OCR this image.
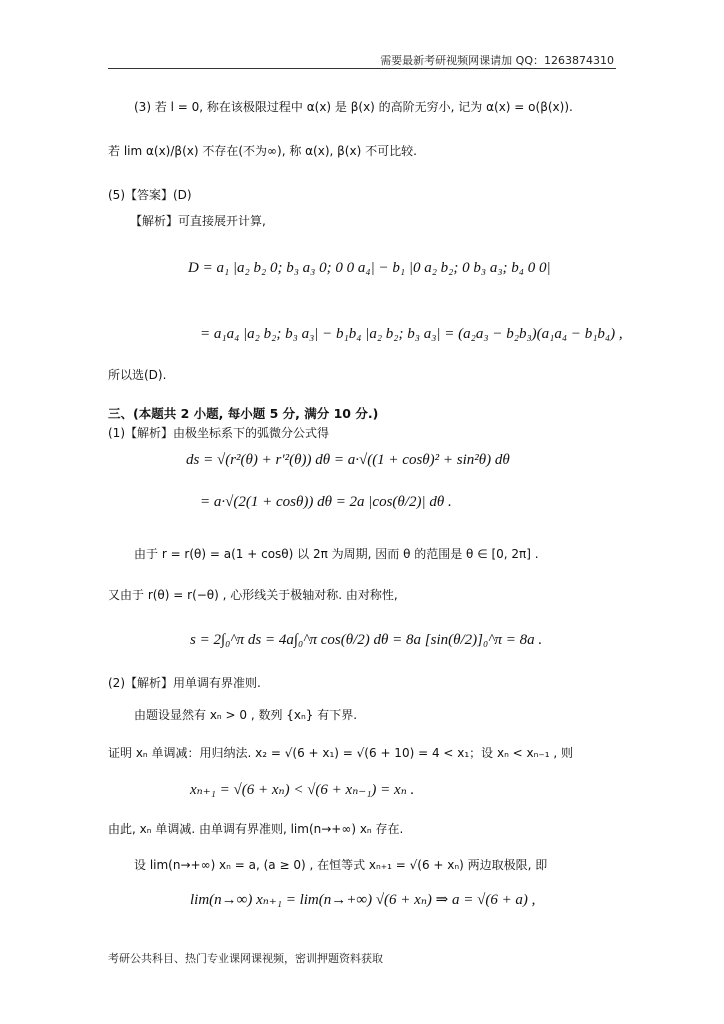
需要最新考研视频网课请加 QQ：1263874310
(3) 若 l = 0, 称在该极限过程中 α(x) 是 β(x) 的高阶无穷小, 记为 α(x) = o(β(x)).
若 lim α(x)/β(x) 不存在(不为∞), 称 α(x), β(x) 不可比较.
(5)【答案】(D)
【解析】可直接展开计算,
D = a₁ |a₂ b₂ 0; b₃ a₃ 0; 0 0 a₄| − b₁ |0 a₂ b₂; 0 b₃ a₃; b₄ 0 0|
= a₁a₄ |a₂ b₂; b₃ a₃| − b₁b₄ |a₂ b₂; b₃ a₃| = (a₂a₃ − b₂b₃)(a₁a₄ − b₁b₄) ,
所以选(D).
三、(本题共 2 小题, 每小题 5 分, 满分 10 分.)
(1)【解析】由极坐标系下的弧微分公式得
ds = √(r²(θ) + r′²(θ)) dθ = a·√((1 + cosθ)² + sin²θ) dθ
= a·√(2(1 + cosθ)) dθ = 2a |cos(θ/2)| dθ .
由于 r = r(θ) = a(1 + cosθ) 以 2π 为周期, 因而 θ 的范围是 θ ∈ [0, 2π] .
又由于 r(θ) = r(−θ) , 心形线关于极轴对称. 由对称性,
s = 2∫₀^π ds = 4a∫₀^π cos(θ/2) dθ = 8a [sin(θ/2)]₀^π = 8a .
(2)【解析】用单调有界准则.
由题设显然有 xₙ > 0 , 数列 {xₙ} 有下界.
证明 xₙ 单调减：用归纳法. x₂ = √(6 + x₁) = √(6 + 10) = 4 < x₁；设 xₙ < xₙ₋₁ , 则
xₙ₊₁ = √(6 + xₙ) < √(6 + xₙ₋₁) = xₙ .
由此, xₙ 单调减. 由单调有界准则, lim(n→+∞) xₙ 存在.
设 lim(n→+∞) xₙ = a, (a ≥ 0) , 在恒等式 xₙ₊₁ = √(6 + xₙ) 两边取极限, 即
lim(n→∞) xₙ₊₁ = lim(n→+∞) √(6 + xₙ) ⇒ a = √(6 + a) ,
考研公共科目、热门专业课网课视频，密训押题资料获取
